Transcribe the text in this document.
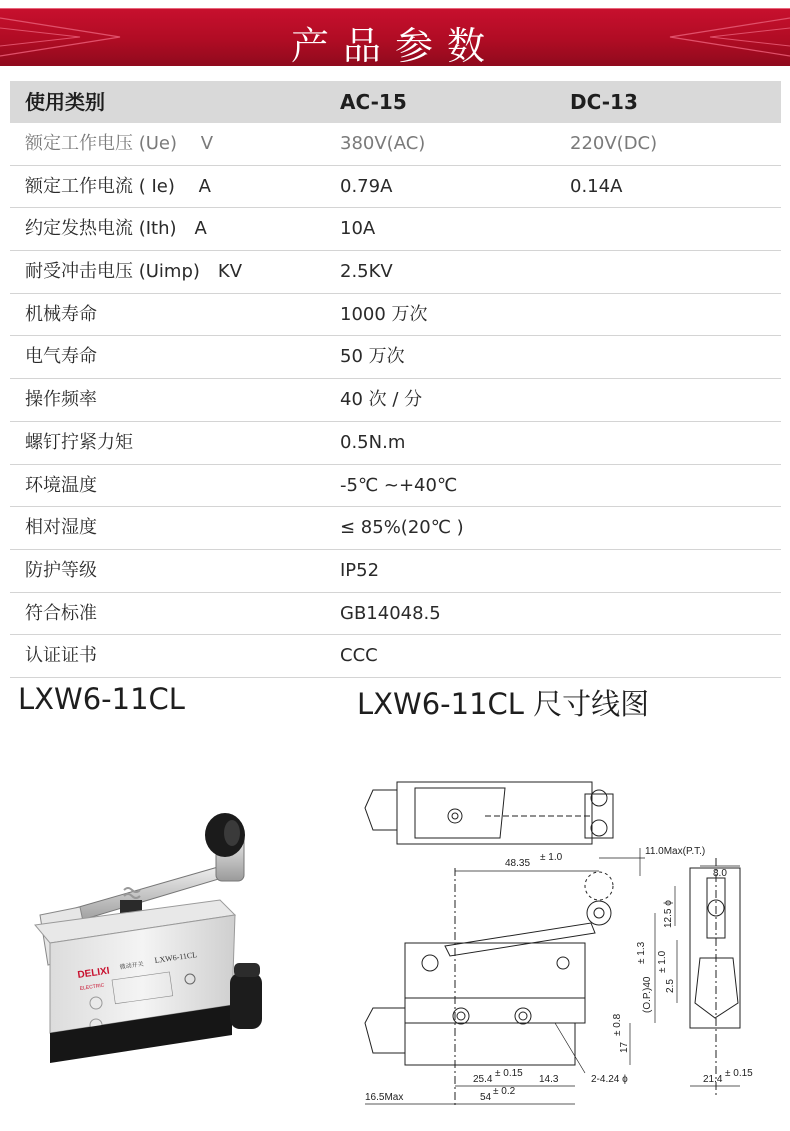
产品参数
使用类别	AC-15	DC-13
额定工作电压 (Ue)　 V	380V(AC)	220V(DC)
额定工作电流 ( Ie)　 A	0.79A	0.14A
约定发热电流 (Ith)　A	10A
耐受冲击电压 (Uimp)　KV	2.5KV
机械寿命	1000 万次
电气寿命	50 万次
操作频率	40 次 / 分
螺钉拧紧力矩	0.5N.m
环境温度	-5℃ ~+40℃
相对湿度	≤ 85%(20℃ )
防护等级	IP52
符合标准	GB14048.5
认证证书	CCC
LXW6-11CL	LXW6-11CL 尺寸线图
DELIXI
ELECTRIC
微动开关
LXW6-11CL
48.35
± 1.0
11.0Max(P.T.)
8.0
12.5 ϕ
(O.P.)40
± 1.3
2.5
± 1.0
17
± 0.8
25.4
± 0.15
14.3	2-4.24 ϕ	21.4
± 0.15
16.5Max	54
± 0.2
